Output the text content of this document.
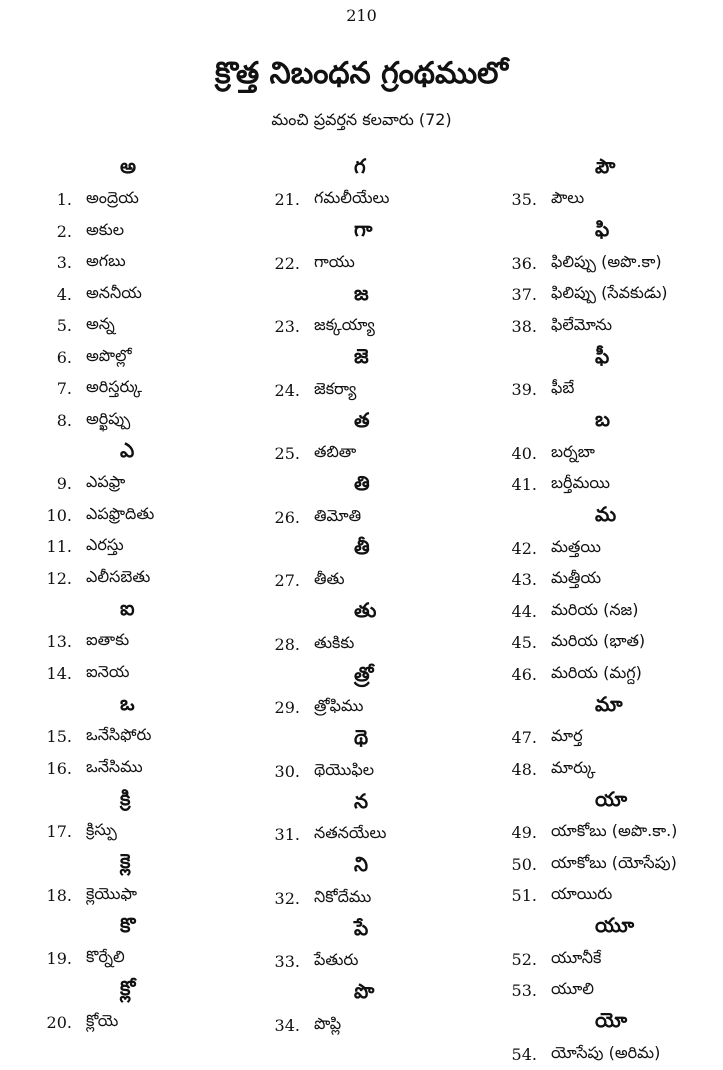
210
క్రొత్త నిబంధన గ్రంథములో
మంచి ప్రవర్తన కలవారు (72)
అ
1. అంద్రెయ
2. అకుల
3. అగబు
4. అననీయ
5. అన్న
6. అపొల్లో
7. అరిస్తర్కు
8. అర్ఖిప్పు
ఎ
9. ఎపఫ్రా
10. ఎపఫ్రొదితు
11. ఎరస్తు
12. ఎలీసబెతు
ఐ
13. ఐతాకు
14. ఐనెయ
ఒ
15. ఒనేసిఫోరు
16. ఒనేసిము
క్రి
17. క్రిస్పు
క్లె
18. క్లెయొఫా
కొ
19. కొర్నేలి
క్లో
20. క్లోయె
గ
21. గమలీయేలు
గా
22. గాయు
జ
23. జక్కయ్యా
జె
24. జెకర్యా
త
25. తబితా
తి
26. తిమోతి
తీ
27. తీతు
తు
28. తుకికు
త్రో
29. త్రోఫిము
థె
30. థెయొఫిల
న
31. నతనయేలు
ని
32. నికోదేము
పే
33. పేతురు
పొ
34. పొప్లి
పౌ
35. పౌలు
ఫి
36. ఫిలిప్పు (అపొ.కా)
37. ఫిలిప్పు (సేవకుడు)
38. ఫిలేమోను
ఫీ
39. ఫీబే
బ
40. బర్నబా
41. బర్తీమయి
మ
42. మత్తయి
43. మత్తీయ
44. మరియ (నజ)
45. మరియ (భాత)
46. మరియ (మగ్ద)
మా
47. మార్త
48. మార్కు
యా
49. యాకోబు (అపొ.కా.)
50. యాకోబు (యోసేపు)
51. యాయిరు
యూ
52. యూనీకే
53. యూలి
యో
54. యోసేపు (అరిమ)
